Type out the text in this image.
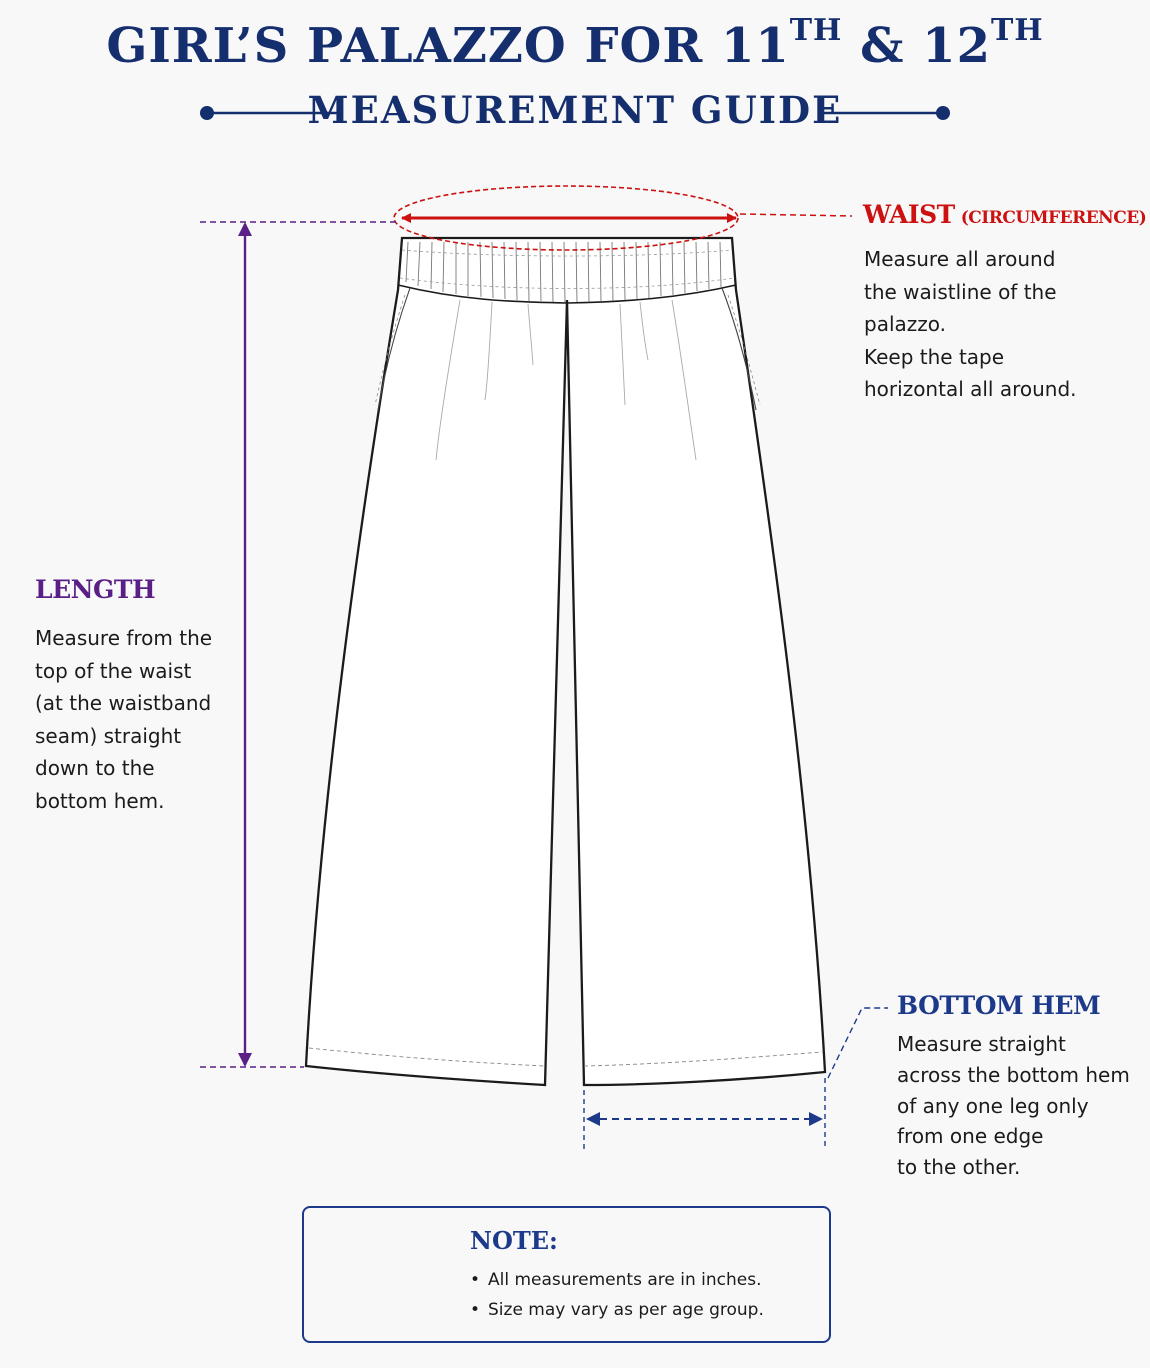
GIRL’S PALAZZO FOR 11TH & 12TH
MEASUREMENT GUIDE
WAIST (CIRCUMFERENCE)
Measure all around
the waistline of the
palazzo.
Keep the tape
horizontal all around.
LENGTH
Measure from the
top of the waist
(at the waistband
seam) straight
down to the
bottom hem.
BOTTOM HEM
Measure straight
across the bottom hem
of any one leg only
from one edge
to the other.
NOTE:
• All measurements are in inches.
• Size may vary as per age group.
